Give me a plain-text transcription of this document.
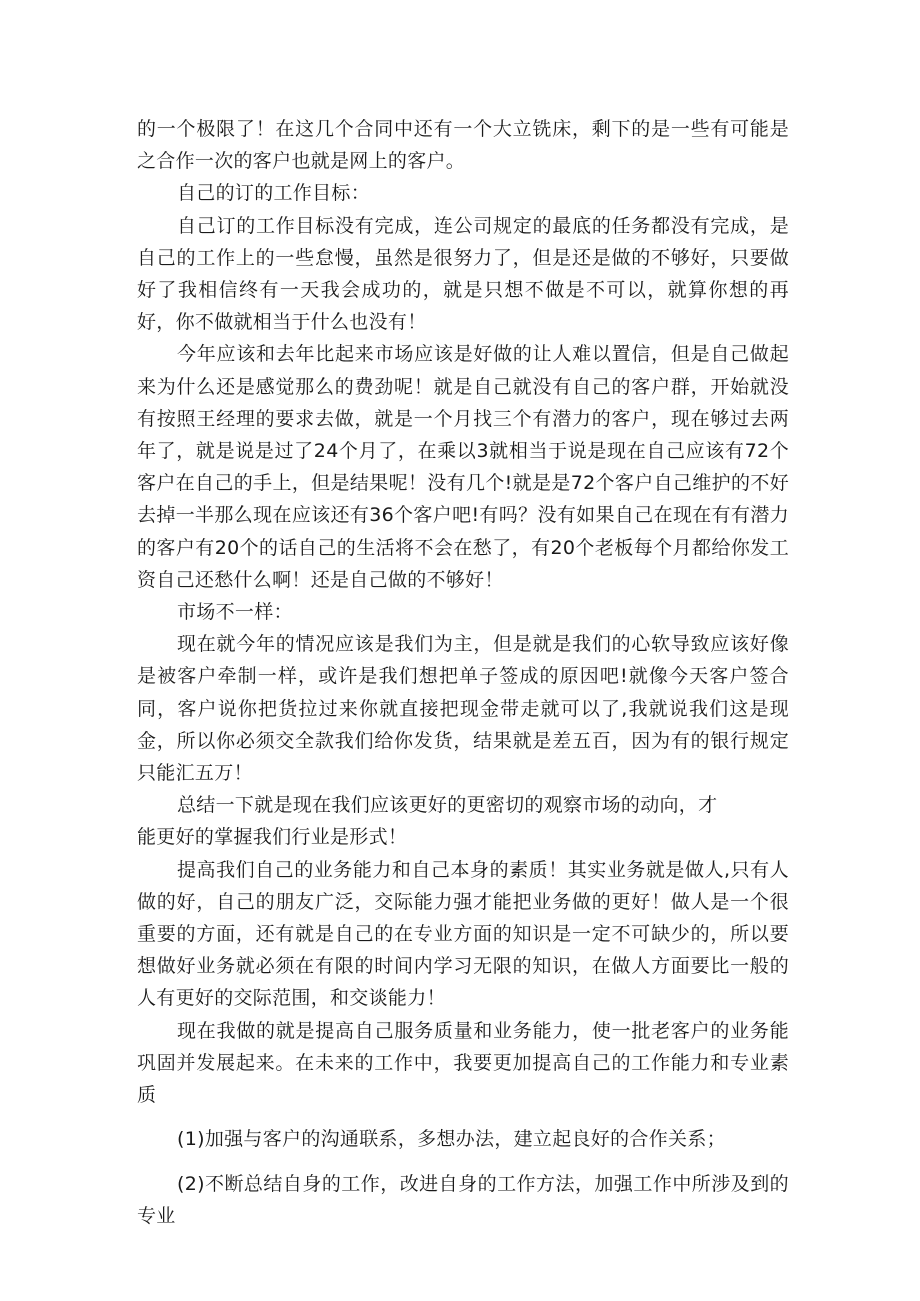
的一个极限了！在这几个合同中还有一个大立铣床，剩下的是一些有可能是之合作一次的客户也就是网上的客户。

自己的订的工作目标：

自己订的工作目标没有完成，连公司规定的最底的任务都没有完成，是自己的工作上的一些怠慢，虽然是很努力了，但是还是做的不够好，只要做好了我相信终有一天我会成功的，就是只想不做是不可以，就算你想的再好，你不做就相当于什么也没有！

今年应该和去年比起来市场应该是好做的让人难以置信，但是自己做起来为什么还是感觉那么的费劲呢！就是自己就没有自己的客户群，开始就没有按照王经理的要求去做，就是一个月找三个有潜力的客户，现在够过去两年了，就是说是过了24个月了，在乘以3就相当于说是现在自己应该有72个客户在自己的手上，但是结果呢！没有几个!就是是72个客户自己维护的不好去掉一半那么现在应该还有36个客户吧!有吗？没有如果自己在现在有有潜力的客户有20个的话自己的生活将不会在愁了，有20个老板每个月都给你发工资自己还愁什么啊！还是自己做的不够好！

市场不一样：

现在就今年的情况应该是我们为主，但是就是我们的心软导致应该好像是被客户牵制一样，或许是我们想把单子签成的原因吧!就像今天客户签合同，客户说你把货拉过来你就直接把现金带走就可以了,我就说我们这是现金，所以你必须交全款我们给你发货，结果就是差五百，因为有的银行规定只能汇五万！

总结一下就是现在我们应该更好的更密切的观察市场的动向，才

能更好的掌握我们行业是形式！

提高我们自己的业务能力和自己本身的素质！其实业务就是做人,只有人做的好，自己的朋友广泛，交际能力强才能把业务做的更好！做人是一个很重要的方面，还有就是自己的在专业方面的知识是一定不可缺少的，所以要想做好业务就必须在有限的时间内学习无限的知识，在做人方面要比一般的人有更好的交际范围，和交谈能力！

现在我做的就是提高自己服务质量和业务能力，使一批老客户的业务能巩固并发展起来。在未来的工作中，我要更加提高自己的工作能力和专业素质

(1)加强与客户的沟通联系，多想办法，建立起良好的合作关系；

(2)不断总结自身的工作，改进自身的工作方法，加强工作中所涉及到的专业
